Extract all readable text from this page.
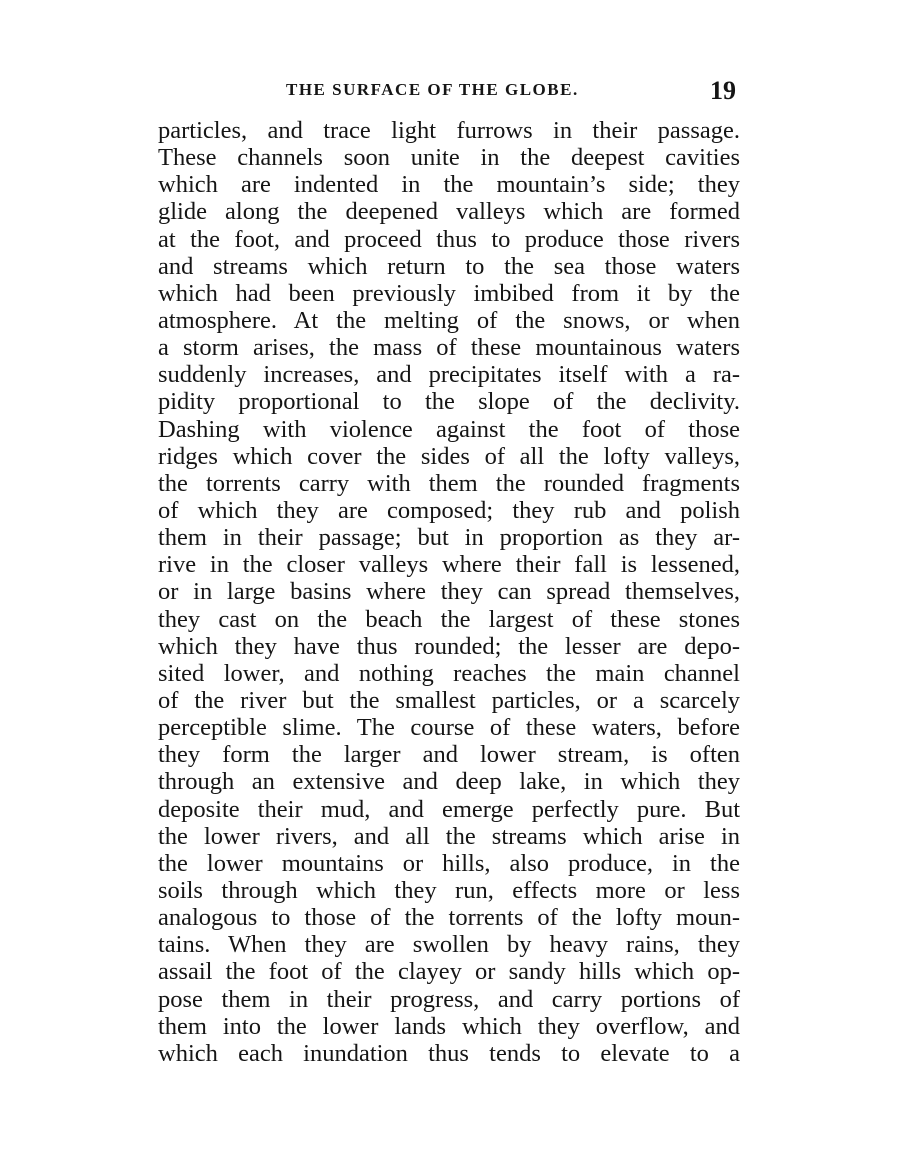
THE SURFACE OF THE GLOBE.	19
particles, and trace light furrows in their passage.
These channels soon unite in the deepest cavities
which are indented in the mountain’s side; they
glide along the deepened valleys which are formed
at the foot, and proceed thus to produce those rivers
and streams which return to the sea those waters
which had been previously imbibed from it by the
atmosphere. At the melting of the snows, or when
a storm arises, the mass of these mountainous waters
suddenly increases, and precipitates itself with a ra-
pidity proportional to the slope of the declivity.
Dashing with violence against the foot of those
ridges which cover the sides of all the lofty valleys,
the torrents carry with them the rounded fragments
of which they are composed; they rub and polish
them in their passage; but in proportion as they ar-
rive in the closer valleys where their fall is lessened,
or in large basins where they can spread themselves,
they cast on the beach the largest of these stones
which they have thus rounded; the lesser are depo-
sited lower, and nothing reaches the main channel
of the river but the smallest particles, or a scarcely
perceptible slime. The course of these waters, before
they form the larger and lower stream, is often
through an extensive and deep lake, in which they
deposite their mud, and emerge perfectly pure. But
the lower rivers, and all the streams which arise in
the lower mountains or hills, also produce, in the
soils through which they run, effects more or less
analogous to those of the torrents of the lofty moun-
tains. When they are swollen by heavy rains, they
assail the foot of the clayey or sandy hills which op-
pose them in their progress, and carry portions of
them into the lower lands which they overflow, and
which each inundation thus tends to elevate to a
